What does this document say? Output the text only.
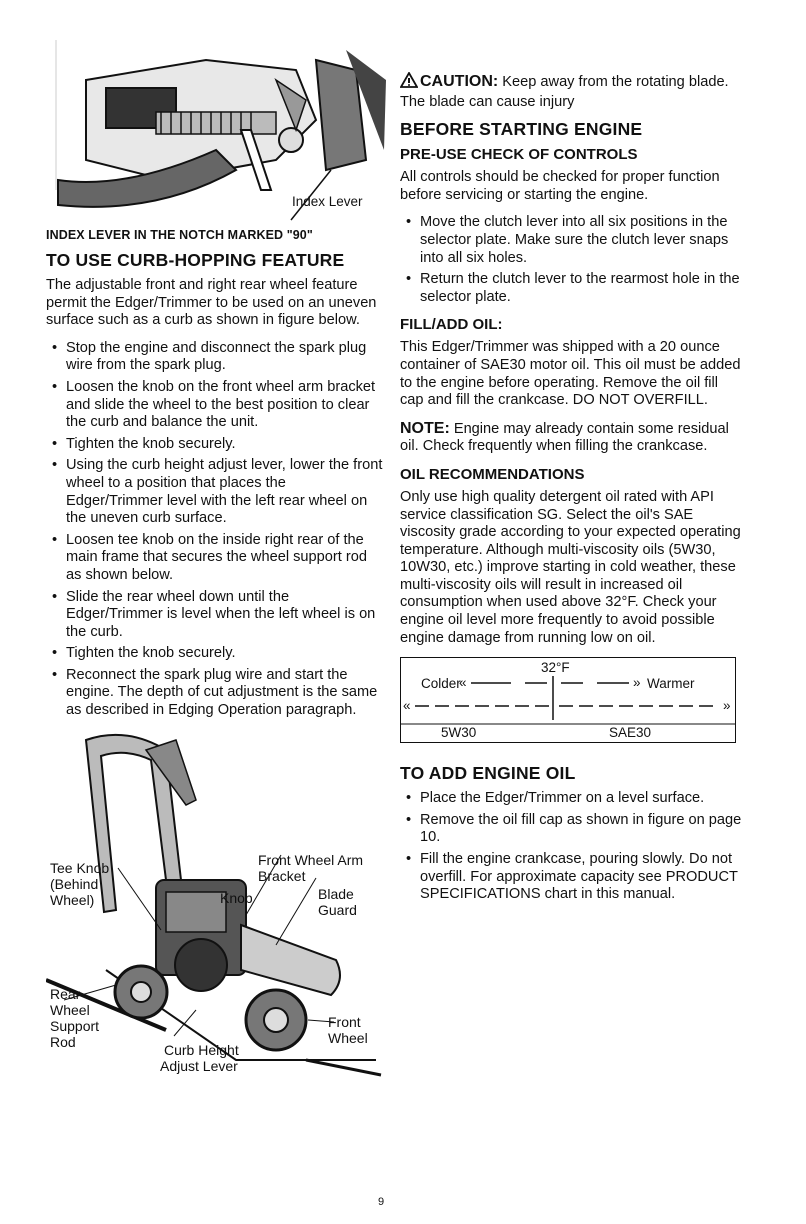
Index Lever
INDEX LEVER IN THE NOTCH MARKED "90"
TO USE CURB-HOPPING FEATURE

The adjustable front and right rear wheel feature permit the Edger/Trimmer to be used on an uneven surface such as a curb as shown in figure below.

• Stop the engine and disconnect the spark plug wire from the spark plug.
• Loosen the knob on the front wheel arm bracket and slide the wheel to the best position to clear the curb and balance the unit.
• Tighten the knob securely.
• Using the curb height adjust lever, lower the front wheel to a position that places the Edger/Trimmer level with the left rear wheel on the uneven curb surface.
• Loosen tee knob on the inside right rear of the main frame that secures the wheel support rod as shown below.
• Slide the rear wheel down until the Edger/Trimmer is level when the left wheel is on the curb.
• Tighten the knob securely.
• Reconnect the spark plug wire and start the engine. The depth of cut adjustment is the same as described in Edging Operation paragraph.
Tee Knob
(Behind
Wheel)
Front Wheel Arm
Bracket
Knob	Blade
Guard
Rear
Wheel
Support
Rod
Front
Wheel
Curb Height
Adjust Lever
CAUTION: Keep away from the rotating blade. The blade can cause injury
BEFORE STARTING ENGINE
PRE-USE CHECK OF CONTROLS

All controls should be checked for proper function before servicing or starting the engine.

• Move the clutch lever into all six positions in the selector plate. Make sure the clutch lever snaps into all six holes.
• Return the clutch lever to the rearmost hole in the selector plate.
FILL/ADD OIL:

This Edger/Trimmer was shipped with a 20 ounce container of SAE30 motor oil. This oil must be added to the engine before operating. Remove the oil fill cap and fill the crankcase. DO NOT OVERFILL.

NOTE: Engine may already contain some residual oil. Check frequently when filling the crankcase.

OIL RECOMMENDATIONS

Only use high quality detergent oil rated with API service classification SG. Select the oil's SAE viscosity grade according to your expected operating temperature. Although multi-viscosity oils (5W30, 10W30, etc.) improve starting in cold weather, these multi-viscosity oils will result in increased oil consumption when used above 32°F. Check your engine oil level more frequently to avoid possible engine damage from running low on oil.

32°F
Colder
«	» Warmer
«	»
5W30	SAE30
TO ADD ENGINE OIL
• Place the Edger/Trimmer on a level surface.
• Remove the oil fill cap as shown in figure on page 10.
• Fill the engine crankcase, pouring slowly. Do not overfill. For approximate capacity see PRODUCT SPECIFICATIONS chart in this manual.
9
